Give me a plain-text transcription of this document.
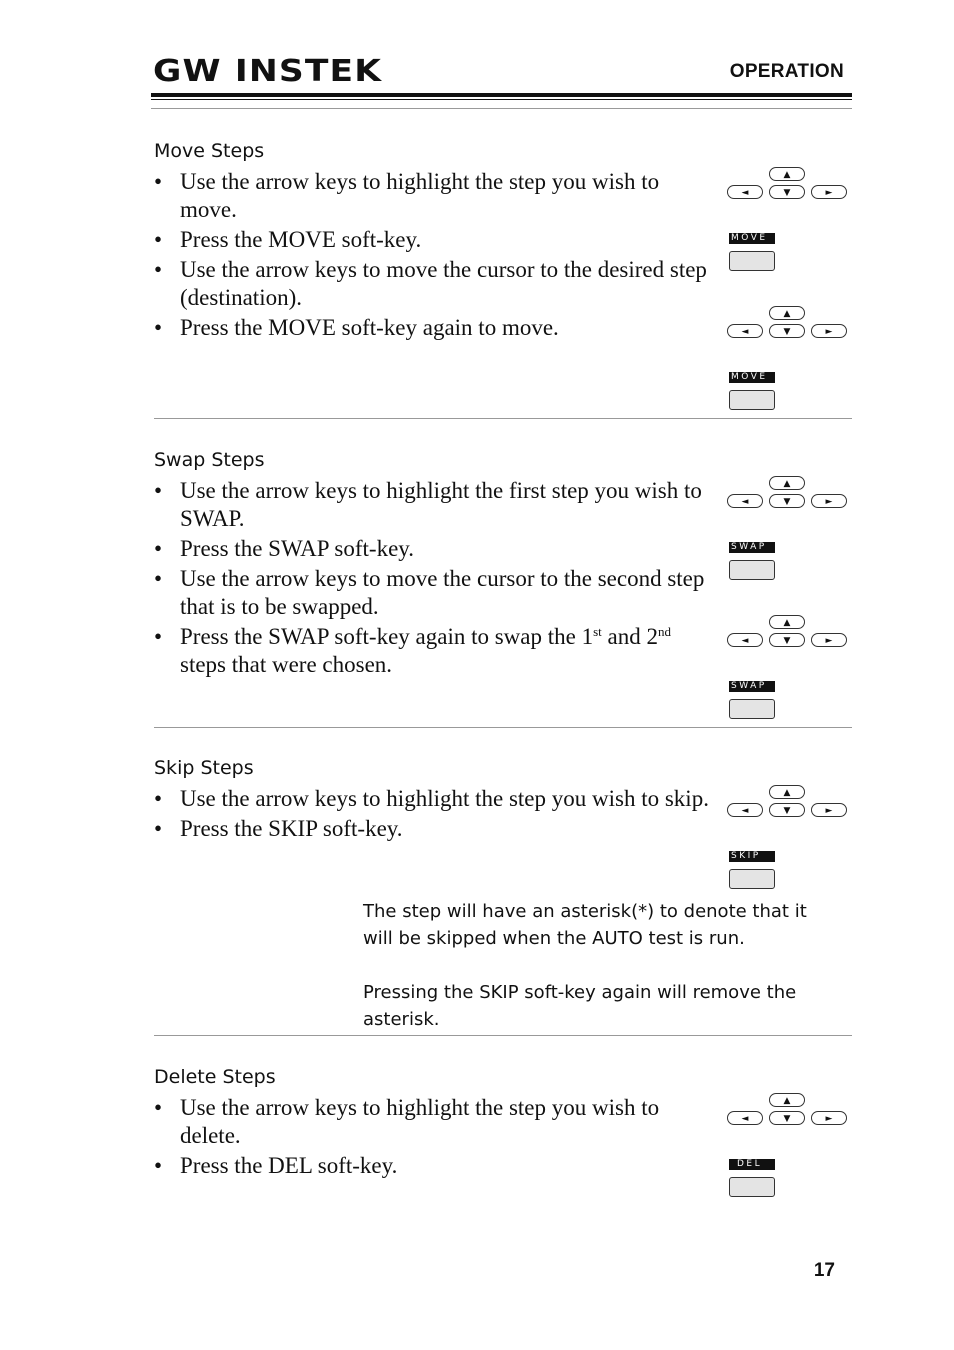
GW INSTEK	OPERATION
Move Steps
• Use the arrow keys to highlight the step you wish to move.
• Press the MOVE soft-key.
• Use the arrow keys to move the cursor to the desired step (destination).
• Press the MOVE soft-key again to move.
Swap Steps
• Use the arrow keys to highlight the first step you wish to SWAP.
• Press the SWAP soft-key.
• Use the arrow keys to move the cursor to the second step that is to be swapped.
• Press the SWAP soft-key again to swap the 1st and 2nd steps that were chosen.
Skip Steps
• Use the arrow keys to highlight the step you wish to skip.
• Press the SKIP soft-key.
The step will have an asterisk(*) to denote that it will be skipped when the AUTO test is run.
Pressing the SKIP soft-key again will remove the asterisk.
Delete Steps
• Use the arrow keys to highlight the step you wish to delete.
• Press the DEL soft-key.
▲
◄	▼	►
▲
◄	▼	►
▲
◄	▼	►
▲
◄	▼	►
▲
◄	▼	►
▲
◄	▼	►
MOVE
MOVE
SWAP
SWAP
SKIP
DEL
17
